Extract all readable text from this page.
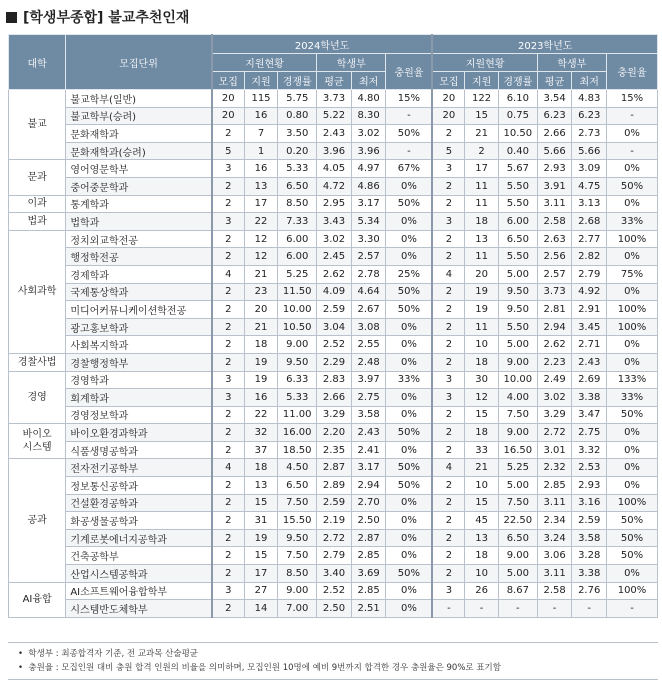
[학생부종합] 불교추천인재
대학	모집단위	2024학년도						2023학년도					
		지원현황			학생부		충원율	지원현황			학생부		충원율
		모집	지원	경쟁률	평균	최저		모집	지원	경쟁률	평균	최저	
불교	불교학부(일반)	20	115	5.75	3.73	4.80	15%	20	122	6.10	3.54	4.83	15%
	불교학부(승려)	20	16	0.80	5.22	8.30	-	20	15	0.75	6.23	6.23	-
	문화재학과	2	7	3.50	2.43	3.02	50%	2	21	10.50	2.66	2.73	0%
	문화재학과(승려)	5	1	0.20	3.96	3.96	-	5	2	0.40	5.66	5.66	-
문과	영어영문학부	3	16	5.33	4.05	4.97	67%	3	17	5.67	2.93	3.09	0%
	중어중문학과	2	13	6.50	4.72	4.86	0%	2	11	5.50	3.91	4.75	50%
이과	통계학과	2	17	8.50	2.95	3.17	50%	2	11	5.50	3.11	3.13	0%
법과	법학과	3	22	7.33	3.43	5.34	0%	3	18	6.00	2.58	2.68	33%
사회과학	정치외교학전공	2	12	6.00	3.02	3.30	0%	2	13	6.50	2.63	2.77	100%
	행정학전공	2	12	6.00	2.45	2.57	0%	2	11	5.50	2.56	2.82	0%
	경제학과	4	21	5.25	2.62	2.78	25%	4	20	5.00	2.57	2.79	75%
	국제통상학과	2	23	11.50	4.09	4.64	50%	2	19	9.50	3.73	4.92	0%
	미디어커뮤니케이션학전공	2	20	10.00	2.59	2.67	50%	2	19	9.50	2.81	2.91	100%
	광고홍보학과	2	21	10.50	3.04	3.08	0%	2	11	5.50	2.94	3.45	100%
	사회복지학과	2	18	9.00	2.52	2.55	0%	2	10	5.00	2.62	2.71	0%
경찰사법	경찰행정학부	2	19	9.50	2.29	2.48	0%	2	18	9.00	2.23	2.43	0%
경영	경영학과	3	19	6.33	2.83	3.97	33%	3	30	10.00	2.49	2.69	133%
	회계학과	3	16	5.33	2.66	2.75	0%	3	12	4.00	3.02	3.38	33%
	경영정보학과	2	22	11.00	3.29	3.58	0%	2	15	7.50	3.29	3.47	50%
바이오
시스템	바이오환경과학과	2	32	16.00	2.20	2.43	50%	2	18	9.00	2.72	2.75	0%
	식품생명공학과	2	37	18.50	2.35	2.41	0%	2	33	16.50	3.01	3.32	0%
공과	전자전기공학부	4	18	4.50	2.87	3.17	50%	4	21	5.25	2.32	2.53	0%
	정보통신공학과	2	13	6.50	2.89	2.94	50%	2	10	5.00	2.85	2.93	0%
	건설환경공학과	2	15	7.50	2.59	2.70	0%	2	15	7.50	3.11	3.16	100%
	화공생물공학과	2	31	15.50	2.19	2.50	0%	2	45	22.50	2.34	2.59	50%
	기계로봇에너지공학과	2	19	9.50	2.72	2.87	0%	2	13	6.50	3.24	3.58	50%
	건축공학부	2	15	7.50	2.79	2.85	0%	2	18	9.00	3.06	3.28	50%
	산업시스템공학과	2	17	8.50	3.40	3.69	50%	2	10	5.00	3.11	3.38	0%
AI융합	AI소프트웨어융합학부	3	27	9.00	2.52	2.85	0%	3	26	8.67	2.58	2.76	100%
	시스템반도체학부	2	14	7.00	2.50	2.51	0%	-	-	-	-	-	-
•  학생부 : 최종합격자 기준, 전 교과목 산술평균
•  충원율 : 모집인원 대비 충원 합격 인원의 비율을 의미하며, 모집인원 10명에 예비 9번까지 합격한 경우 충원율은 90%로 표기함
